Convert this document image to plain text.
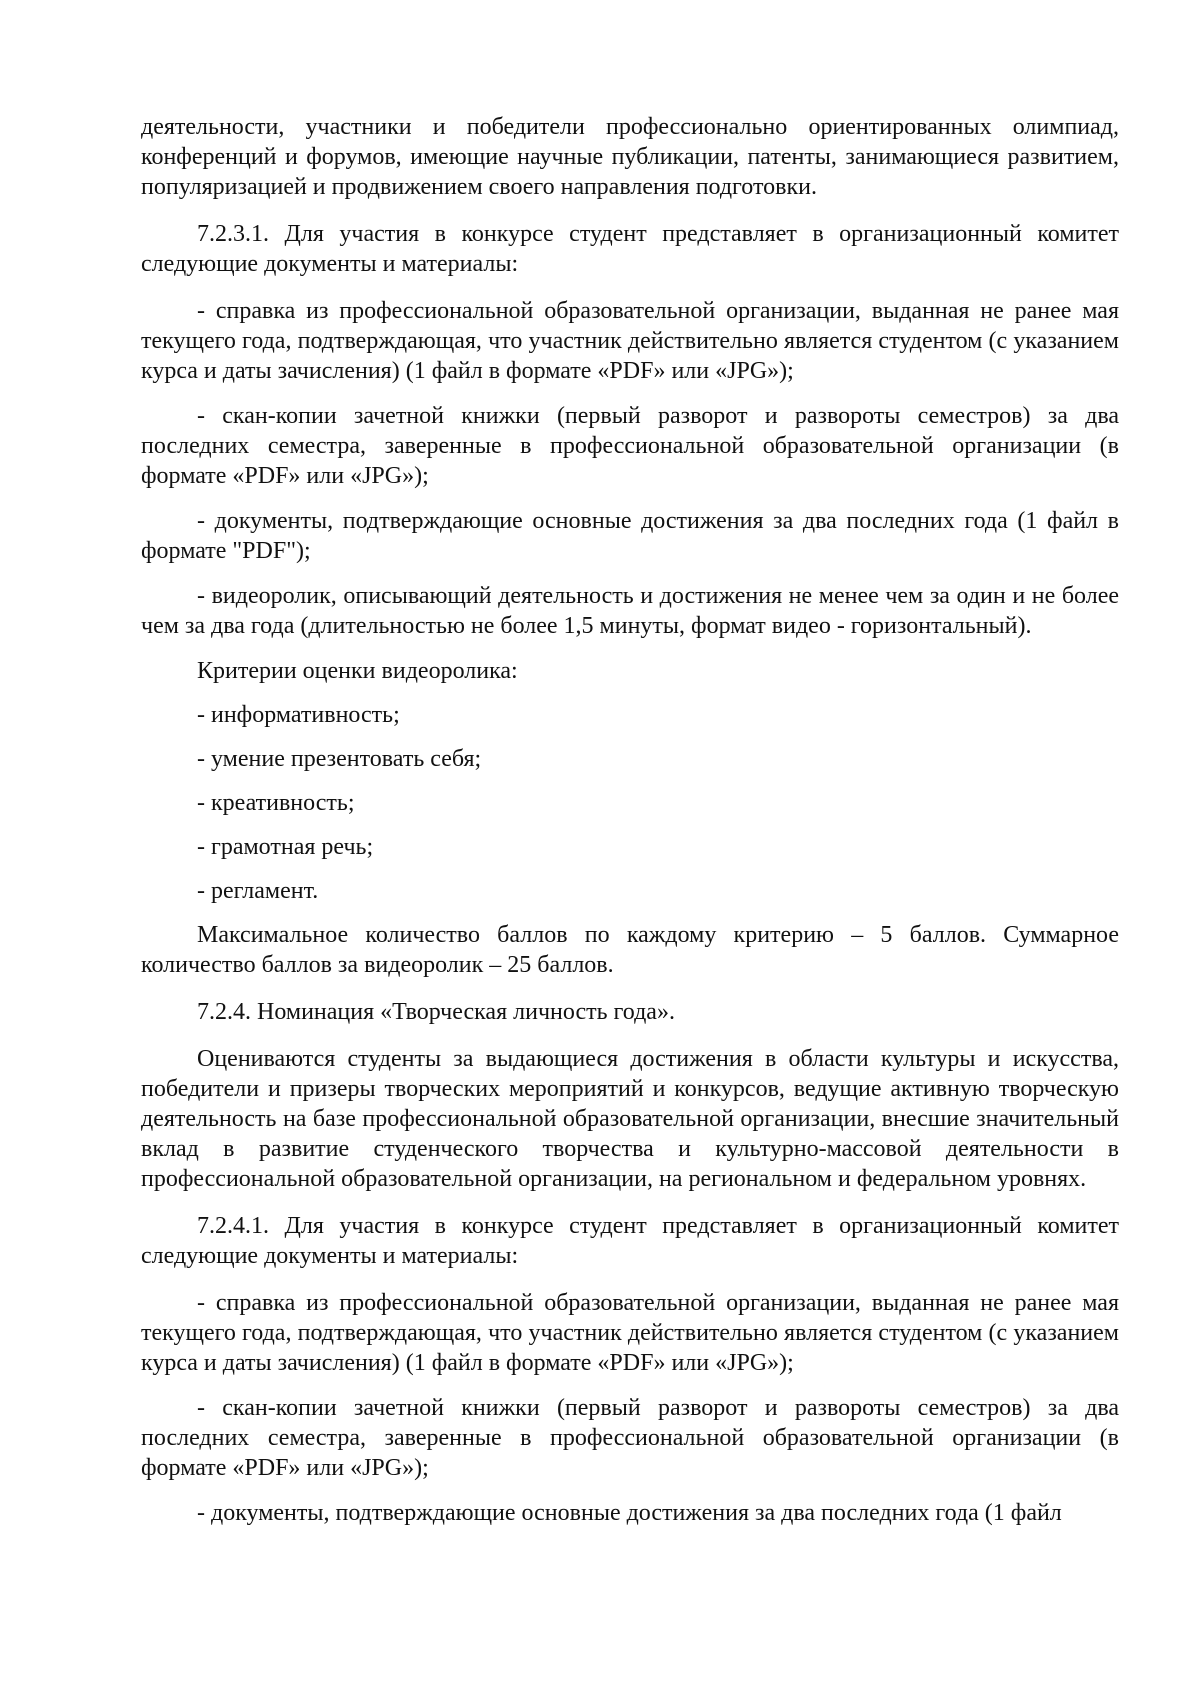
деятельности, участники и победители профессионально ориентированных олимпиад, конференций и форумов, имеющие научные публикации, патенты, занимающиеся развитием, популяризацией и продвижением своего направления подготовки.

7.2.3.1. Для участия в конкурсе студент представляет в организационный комитет следующие документы и материалы:

- справка из профессиональной образовательной организации, выданная не ранее мая текущего года, подтверждающая, что участник действительно является студентом (с указанием курса и даты зачисления) (1 файл в формате «PDF» или «JPG»);

- скан-копии зачетной книжки (первый разворот и развороты семестров) за два последних семестра, заверенные в профессиональной образовательной организации (в формате «PDF» или «JPG»);

- документы, подтверждающие основные достижения за два последних года (1 файл в формате "PDF");

- видеоролик, описывающий деятельность и достижения не менее чем за один и не более чем за два года (длительностью не более 1,5 минуты, формат видео - горизонтальный).

Критерии оценки видеоролика:

- информативность;

- умение презентовать себя;

- креативность;

- грамотная речь;

- регламент.

Максимальное количество баллов по каждому критерию – 5 баллов. Суммарное количество баллов за видеоролик – 25 баллов.

7.2.4. Номинация «Творческая личность года».

Оцениваются студенты за выдающиеся достижения в области культуры и искусства, победители и призеры творческих мероприятий и конкурсов, ведущие активную творческую деятельность на базе профессиональной образовательной организации, внесшие значительный вклад в развитие студенческого творчества и культурно-массовой деятельности в профессиональной образовательной организации, на региональном и федеральном уровнях.

7.2.4.1. Для участия в конкурсе студент представляет в организационный комитет следующие документы и материалы:

- справка из профессиональной образовательной организации, выданная не ранее мая текущего года, подтверждающая, что участник действительно является студентом (с указанием курса и даты зачисления) (1 файл в формате «PDF» или «JPG»);

- скан-копии зачетной книжки (первый разворот и развороты семестров) за два последних семестра, заверенные в профессиональной образовательной организации (в формате «PDF» или «JPG»);

- документы, подтверждающие основные достижения за два последних года (1 файл
